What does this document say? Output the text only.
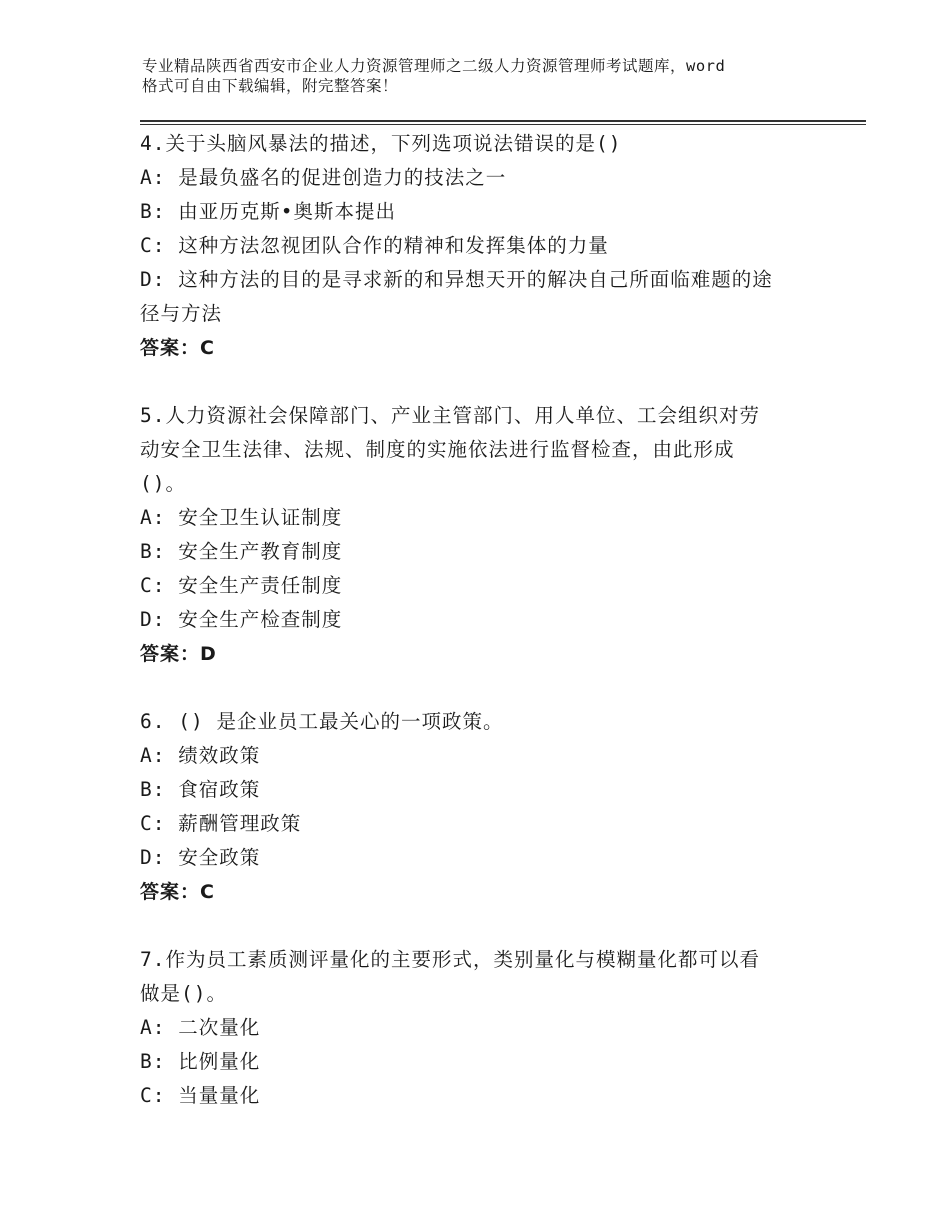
专业精品陕西省西安市企业人力资源管理师之二级人力资源管理师考试题库，word
格式可自由下载编辑，附完整答案！
4.关于头脑风暴法的描述，下列选项说法错误的是()
A: 是最负盛名的促进创造力的技法之一
B: 由亚历克斯•奥斯本提出
C: 这种方法忽视团队合作的精神和发挥集体的力量
D: 这种方法的目的是寻求新的和异想天开的解决自己所面临难题的途
径与方法
答案：C
5.人力资源社会保障部门、产业主管部门、用人单位、工会组织对劳
动安全卫生法律、法规、制度的实施依法进行监督检查，由此形成
()。
A: 安全卫生认证制度
B: 安全生产教育制度
C: 安全生产责任制度
D: 安全生产检查制度
答案：D
6. () 是企业员工最关心的一项政策。
A: 绩效政策
B: 食宿政策
C: 薪酬管理政策
D: 安全政策
答案：C
7.作为员工素质测评量化的主要形式，类别量化与模糊量化都可以看
做是()。
A: 二次量化
B: 比例量化
C: 当量量化
